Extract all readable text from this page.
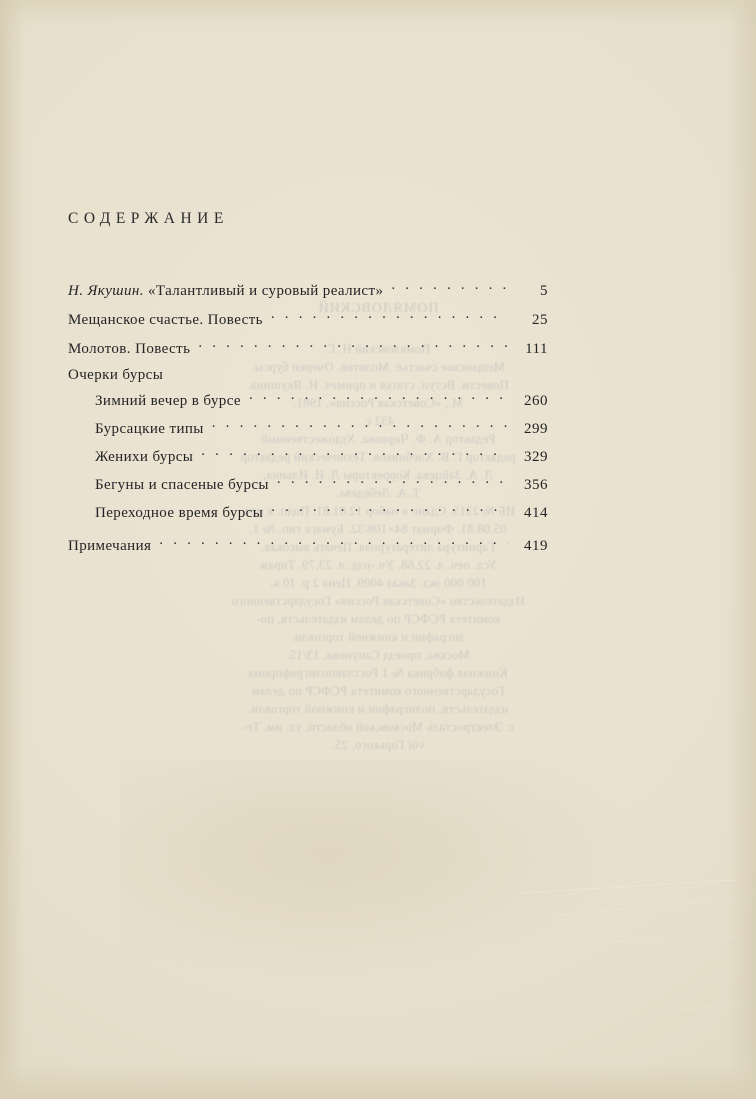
ПОМЯЛОВСКИЙ
Помяловский Н. Г.
Мещанское счастье. Молотов. Очерки бурсы.
Повести. Вступ. статья и примеч. Н. Якушина.
М., «Советская Россия», 1981.
432 с.
Редактор А. Ф. Чиркова. Художественный
редактор Г. В. Хлебников. Технический редактор
Л. А. Зайцева. Корректоры Л. И. Ильина,
Т. А. Лебедева.
ИБ № 2315. Сдано в набор 12.01.81. Подп. к печ.
05.08.81. Формат 84×108/32. Бумага тип. № 1.
Гарнитура литературная. Печать высокая.
Усл. печ. л. 22,68. Уч.-изд. л. 23,79. Тираж
100 000 экз. Заказ 4009. Цена 2 р. 10 к.
Издательство «Советская Россия» Государственного
комитета РСФСР по делам издательств, по-
лиграфии и книжной торговли.
Москва, проезд Сапунова, 13/15.
Книжная фабрика № 1 Росглавполиграфпрома
Государственного комитета РСФСР по делам
издательств, полиграфии и книжной торговли.
г. Электросталь Московской области, ул. им. Те-
völ Горького, 25.
СОДЕРЖАНИЕ
Н. Якушин. «Талантливый и суровый реалист» . . .	5
Мещанское счастье. Повесть . . .	25
Молотов. Повесть . . .	111
Очерки бурсы
Зимний вечер в бурсе . . .	260
Бурсацкие типы . . .	299
Женихи бурсы . . .	329
Бегуны и спасеные бурсы . . .	356
Переходное время бурсы . . .	414
Примечания . . .	419
